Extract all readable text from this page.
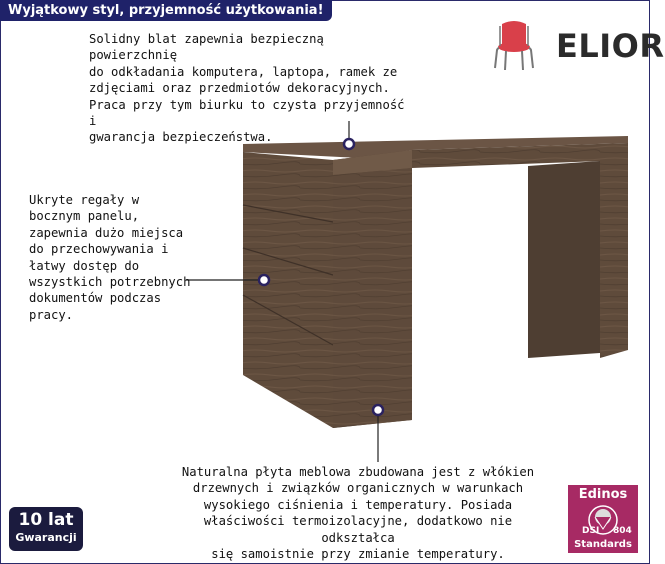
Wyjątkowy styl, przyjemność użytkowania!
Solidny blat zapewnia bezpieczną powierzchnię
do odkładania komputera, laptopa, ramek ze
zdjęciami oraz przedmiotów dekoracyjnych.
Praca przy tym biurku to czysta przyjemność i
gwarancja bezpieczeństwa.
Ukryte regały w
bocznym panelu,
zapewnia dużo miejsca
do przechowywania i
łatwy dostęp do
wszystkich potrzebnych
dokumentów podczas
pracy.
Naturalna płyta meblowa zbudowana jest z włókien
drzewnych i związków organicznych w warunkach
wysokiego ciśnienia i temperatury. Posiada
właściwości termoizolacyjne, dodatkowo nie odkształca
się samoistnie przy zmianie temperatury.
ELIOR
10 lat
Gwarancji
Edinos
DSI 804
Standards
